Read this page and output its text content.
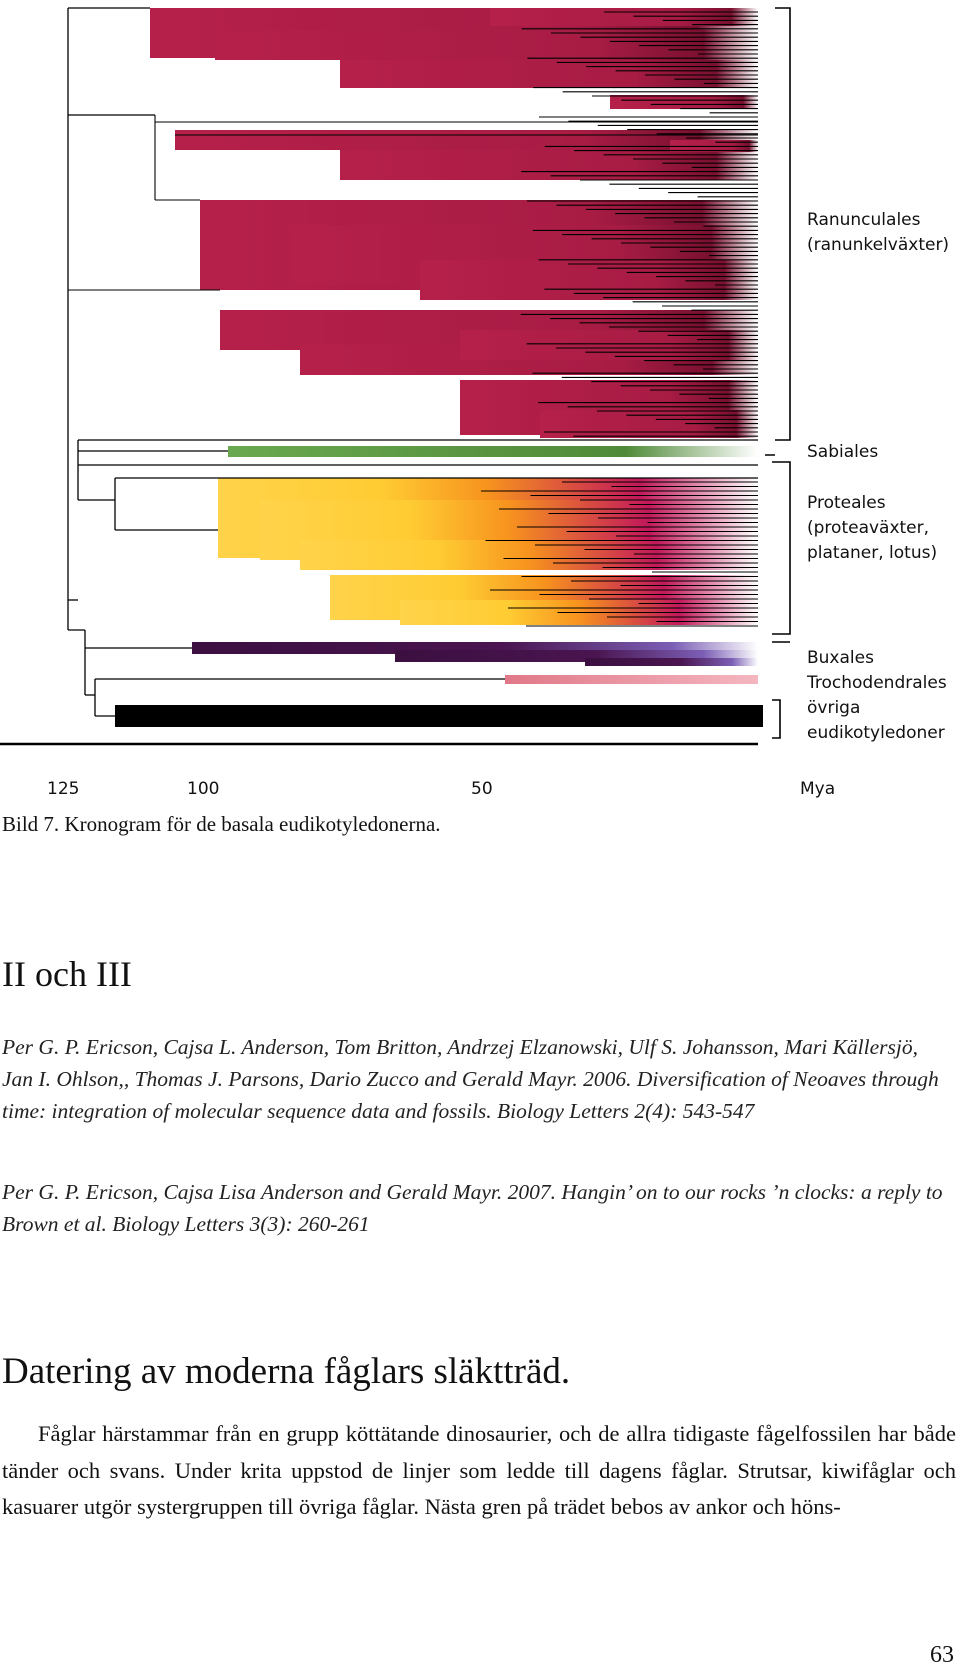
Ranunculales
(ranunkelväxter)

Sabiales

Proteales
(proteaväxter,
plataner, lotus)

Buxales

Trochodendrales

övriga
eudikotyledoner

125	100	50	Mya

Bild 7. Kronogram för de basala eudikotyledonerna.

II och III

Per G. P. Ericson, Cajsa L. Anderson, Tom Britton, Andrzej Elzanowski, Ulf S. Johansson, Mari Källersjö, Jan I. Ohlson,, Thomas J. Parsons, Dario Zucco and Gerald Mayr. 2006. Diversification of Neoaves through time: integration of molecular sequence data and fossils. Biology Letters 2(4): 543-547

Per G. P. Ericson, Cajsa Lisa Anderson and Gerald Mayr. 2007. Hangin’ on to our rocks ’n clocks: a reply to Brown et al. Biology Letters 3(3): 260-261

Datering av moderna fåglars släktträd.

Fåglar härstammar från en grupp köttätande dinosaurier, och de allra tidigaste fågelfossilen har både tänder och svans. Under krita uppstod de linjer som ledde till dagens fåglar. Strutsar, kiwifåglar och kasuarer utgör systergruppen till övriga fåglar. Nästa gren på trädet bebos av ankor och höns-

63
